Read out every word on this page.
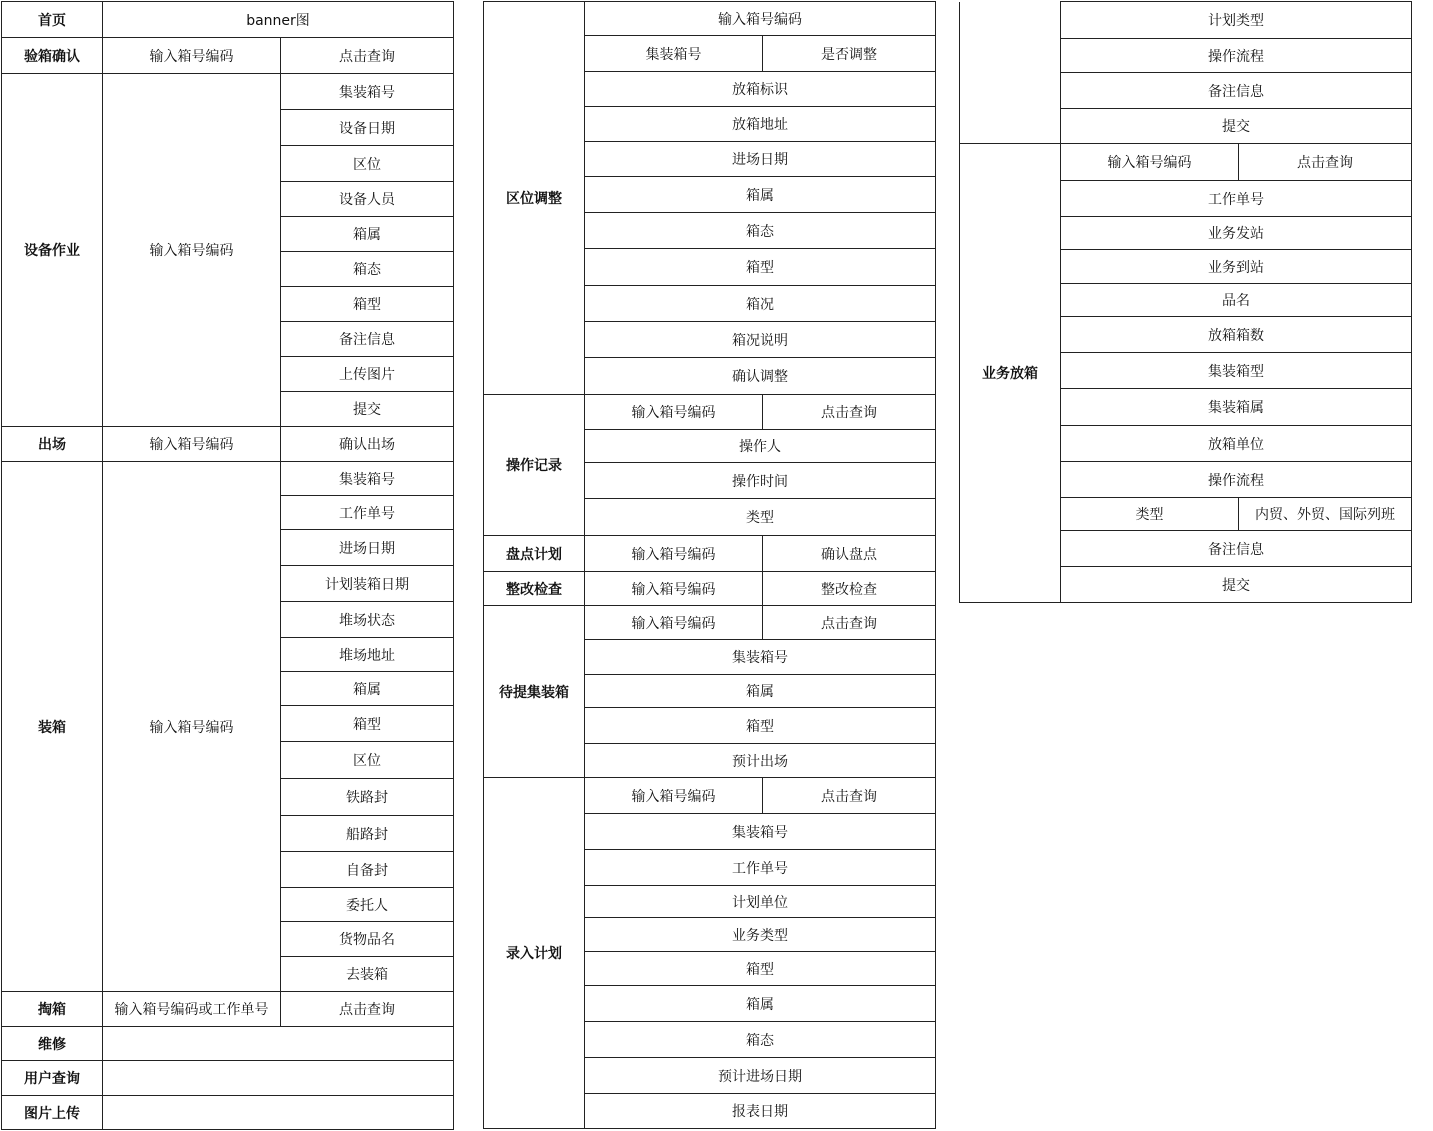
首页	banner图	
验箱确认	输入箱号编码	点击查询
设备作业	输入箱号编码	集装箱号
		设备日期
		区位
		设备人员
		箱属
		箱态
		箱型
		备注信息
		上传图片
		提交
出场	输入箱号编码	确认出场
装箱	输入箱号编码	集装箱号
		工作单号
		进场日期
		计划装箱日期
		堆场状态
		堆场地址
		箱属
		箱型
		区位
		铁路封
		船路封
		自备封
		委托人
		货物品名
		去装箱
掏箱	输入箱号编码或工作单号	点击查询
维修		
用户查询		
图片上传		
区位调整	输入箱号编码	
	集装箱号	是否调整
	放箱标识	
	放箱地址	
	进场日期	
	箱属	
	箱态	
	箱型	
	箱况	
	箱况说明	
	确认调整	
操作记录	输入箱号编码	点击查询
	操作人	
	操作时间	
	类型	
盘点计划	输入箱号编码	确认盘点
整改检查	输入箱号编码	整改检查
待提集装箱	输入箱号编码	点击查询
	集装箱号	
	箱属	
	箱型	
	预计出场	
录入计划	输入箱号编码	点击查询
	集装箱号	
	工作单号	
	计划单位	
	业务类型	
	箱型	
	箱属	
	箱态	
	预计进场日期	
	报表日期	
	计划类型	
	操作流程	
	备注信息	
	提交	
业务放箱	输入箱号编码	点击查询
	工作单号	
	业务发站	
	业务到站	
	品名	
	放箱箱数	
	集装箱型	
	集装箱属	
	放箱单位	
	操作流程	
	类型	内贸、外贸、国际列班
	备注信息	
	提交	
